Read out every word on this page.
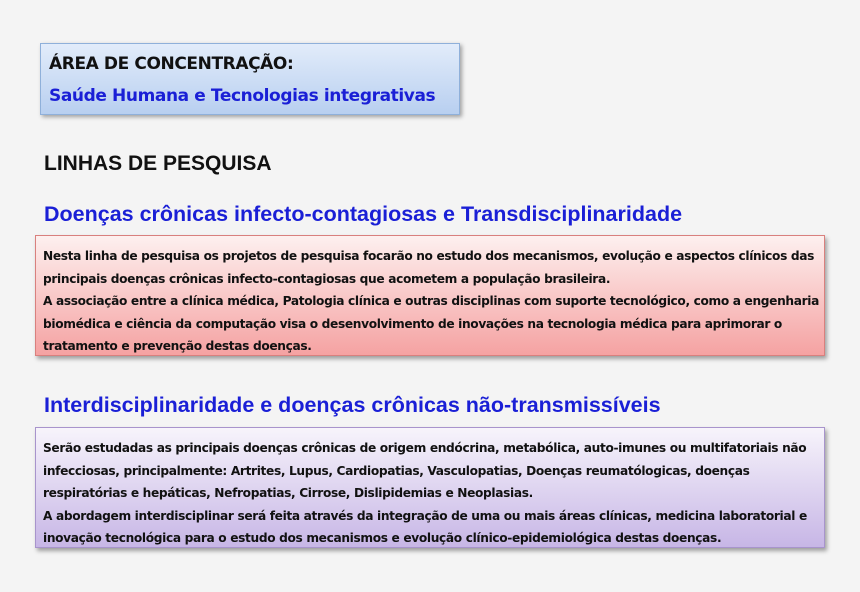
ÁREA DE CONCENTRAÇÃO:
Saúde Humana e Tecnologias integrativas
LINHAS DE PESQUISA
Doenças crônicas infecto-contagiosas e Transdisciplinaridade

Nesta linha de pesquisa os projetos de pesquisa focarão no estudo dos mecanismos, evolução e aspectos clínicos das principais doenças crônicas infecto-contagiosas que acometem a população brasileira.

A associação entre a clínica médica, Patologia clínica e outras disciplinas com suporte tecnológico, como a engenharia biomédica e ciência da computação visa o desenvolvimento de inovações na tecnologia médica para aprimorar o tratamento e prevenção destas doenças.

Interdisciplinaridade e doenças crônicas não-transmissíveis

Serão estudadas as principais doenças crônicas de origem endócrina, metabólica, auto-imunes ou multifatoriais não infecciosas, principalmente: Artrites, Lupus, Cardiopatias, Vasculopatias, Doenças reumatólogicas, doenças respiratórias e hepáticas, Nefropatias, Cirrose, Dislipidemias e Neoplasias.

A abordagem interdisciplinar será feita através da integração de uma ou mais áreas clínicas, medicina laboratorial e inovação tecnológica para o estudo dos mecanismos e evolução clínico-epidemiológica destas doenças.
